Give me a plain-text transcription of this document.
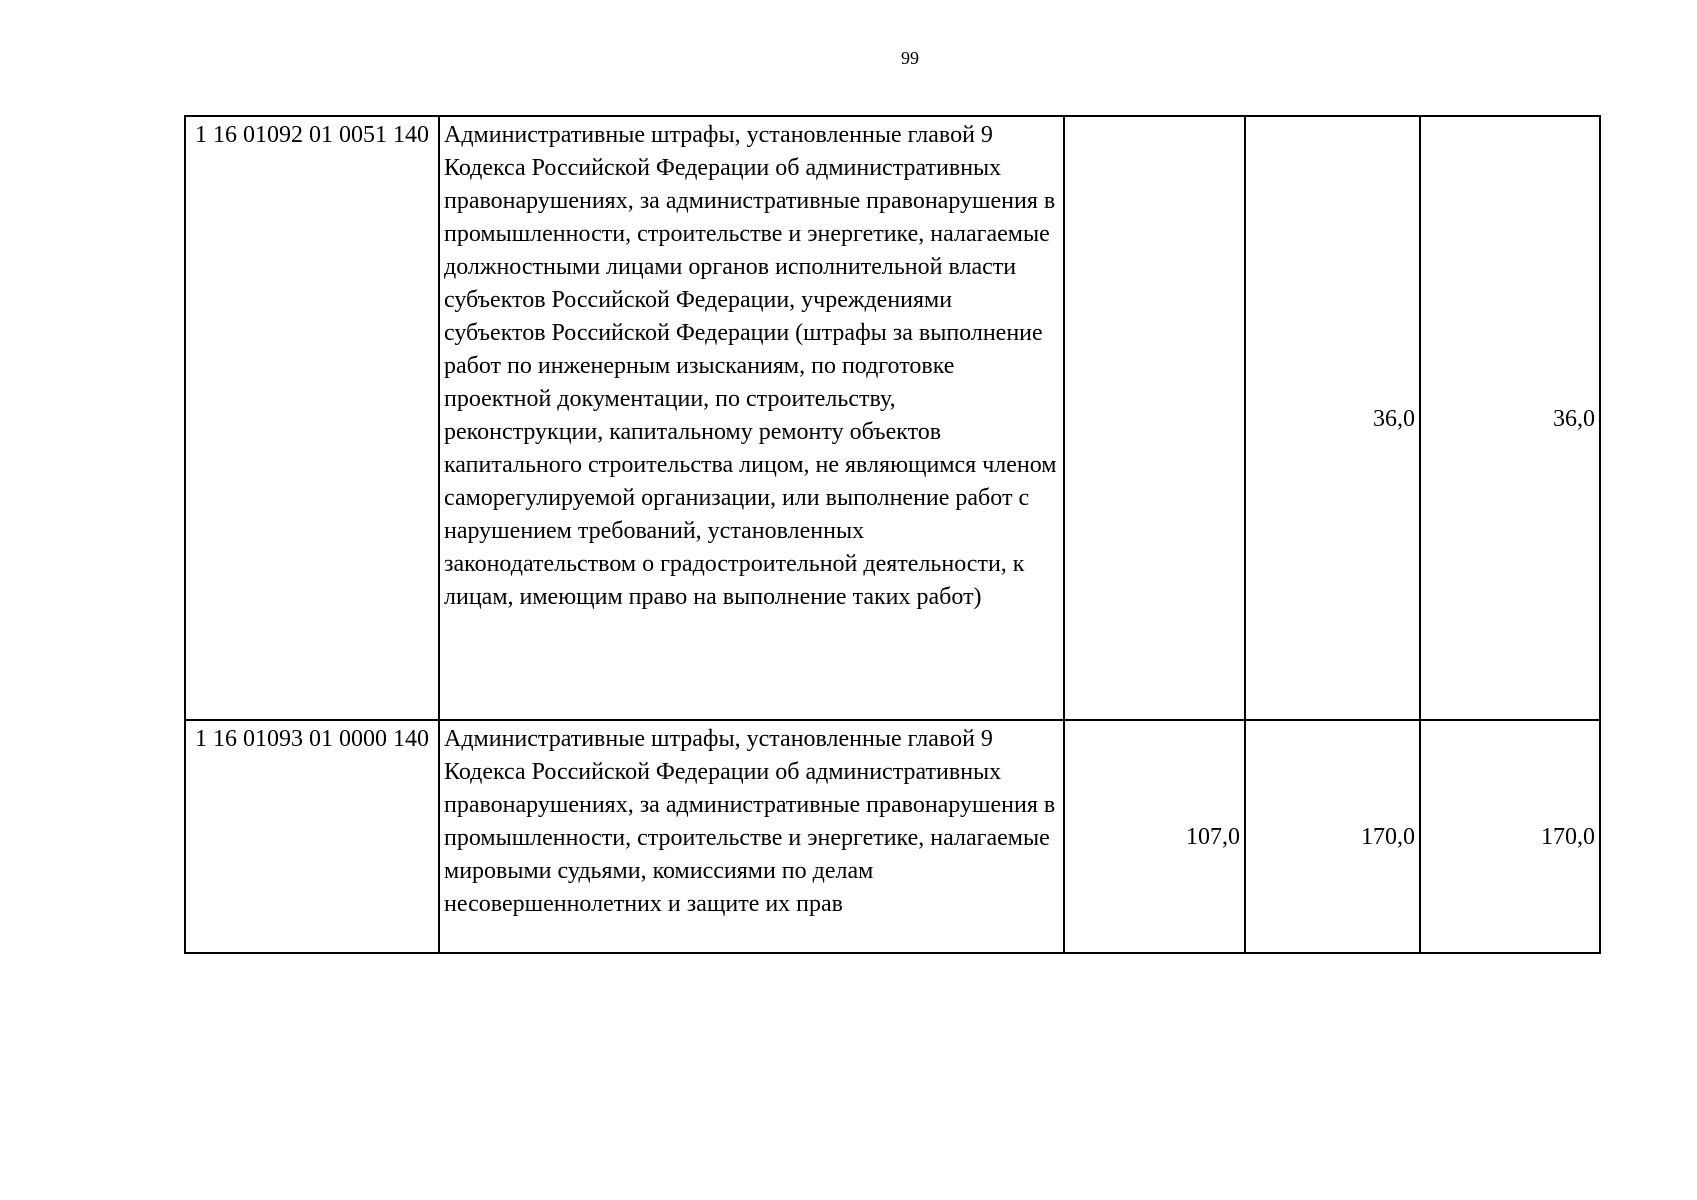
99
1 16 01092 01 0051 140	Административные штрафы, установленные главой 9 Кодекса Российской Федерации об административных правонарушениях, за административные правонарушения в промышленности, строительстве и энергетике, налагаемые должностными лицами органов исполнительной власти субъектов Российской Федерации, учреждениями субъектов Российской Федерации (штрафы за выполнение работ по инженерным изысканиям, по подготовке проектной документации, по строительству, реконструкции, капитальному ремонту объектов капитального строительства лицом, не являющимся членом саморегулируемой организации, или выполнение работ с нарушением требований, установленных законодательством о градостроительной деятельности, к лицам, имеющим право на выполнение таких работ)		36,0	36,0
1 16 01093 01 0000 140	Административные штрафы, установленные главой 9 Кодекса Российской Федерации об административных правонарушениях, за административные правонарушения в промышленности, строительстве и энергетике, налагаемые мировыми судьями, комиссиями по делам несовершеннолетних и защите их прав	107,0	170,0	170,0
